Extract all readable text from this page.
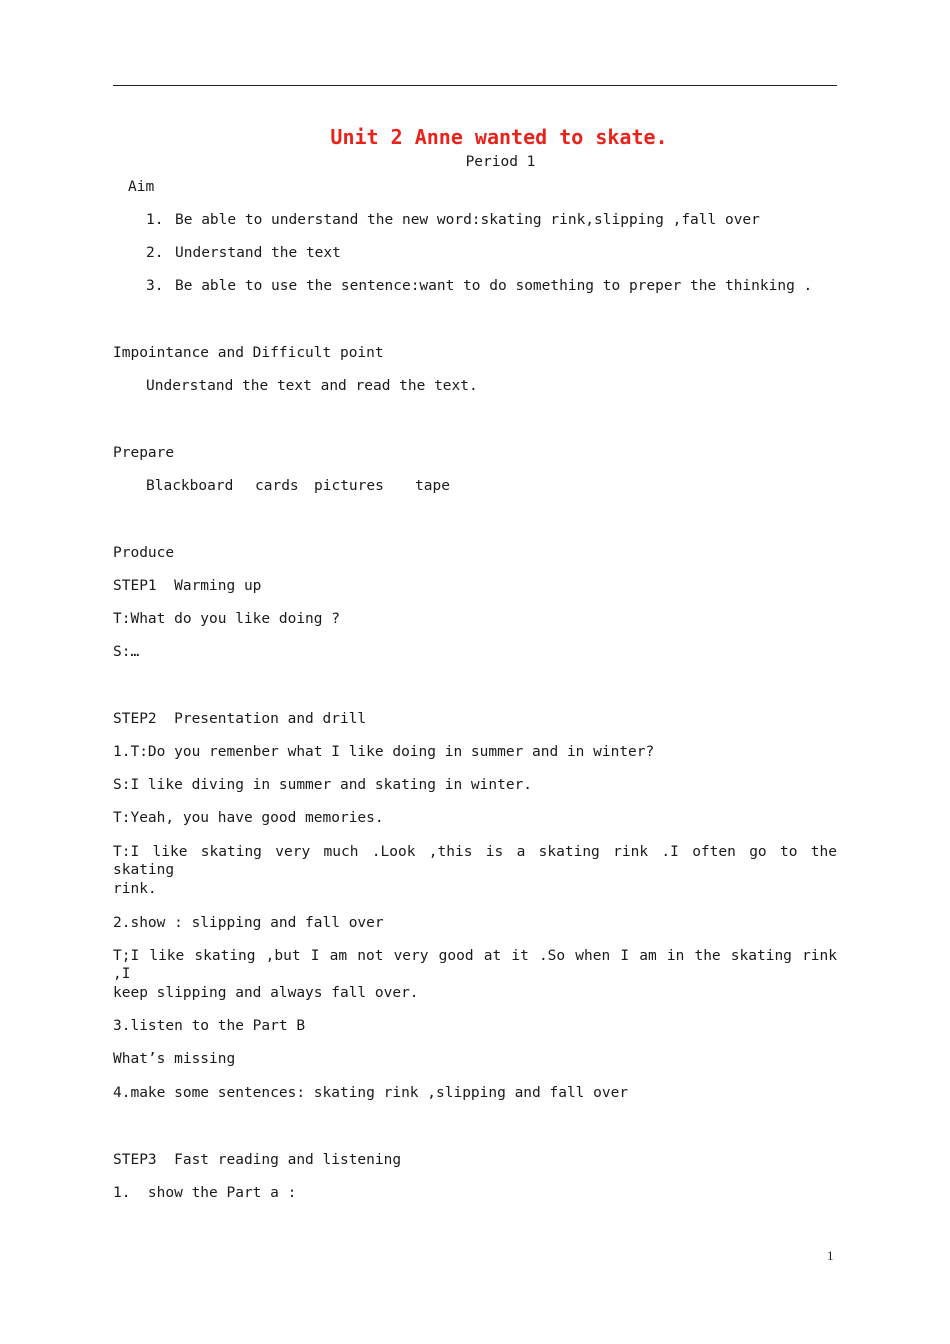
Unit 2 Anne wanted to skate.
Period 1
Aim
1. Be able to understand the new word:skating rink,slipping ,fall over
2. Understand the text
3. Be able to use the sentence:want to do something to preper the thinking .
Impointance and Difficult point
Understand the text and read the text.
Prepare
Blackboard cards pictures tape
Produce
STEP1  Warming up
T:What do you like doing ?
S:…
STEP2  Presentation and drill
1.T:Do you remenber what I like doing in summer and in winter?
S:I like diving in summer and skating in winter.
T:Yeah, you have good memories.
T:I like skating very much .Look ,this is a skating rink .I often go to the skating
rink.
2.show : slipping and fall over
T;I like skating ,but I am not very good at it .So when I am in the skating rink ,I
keep slipping and always fall over.
3.listen to the Part B
What’s missing
4.make some sentences: skating rink ,slipping and fall over
STEP3  Fast reading and listening
1.  show the Part a :
1
